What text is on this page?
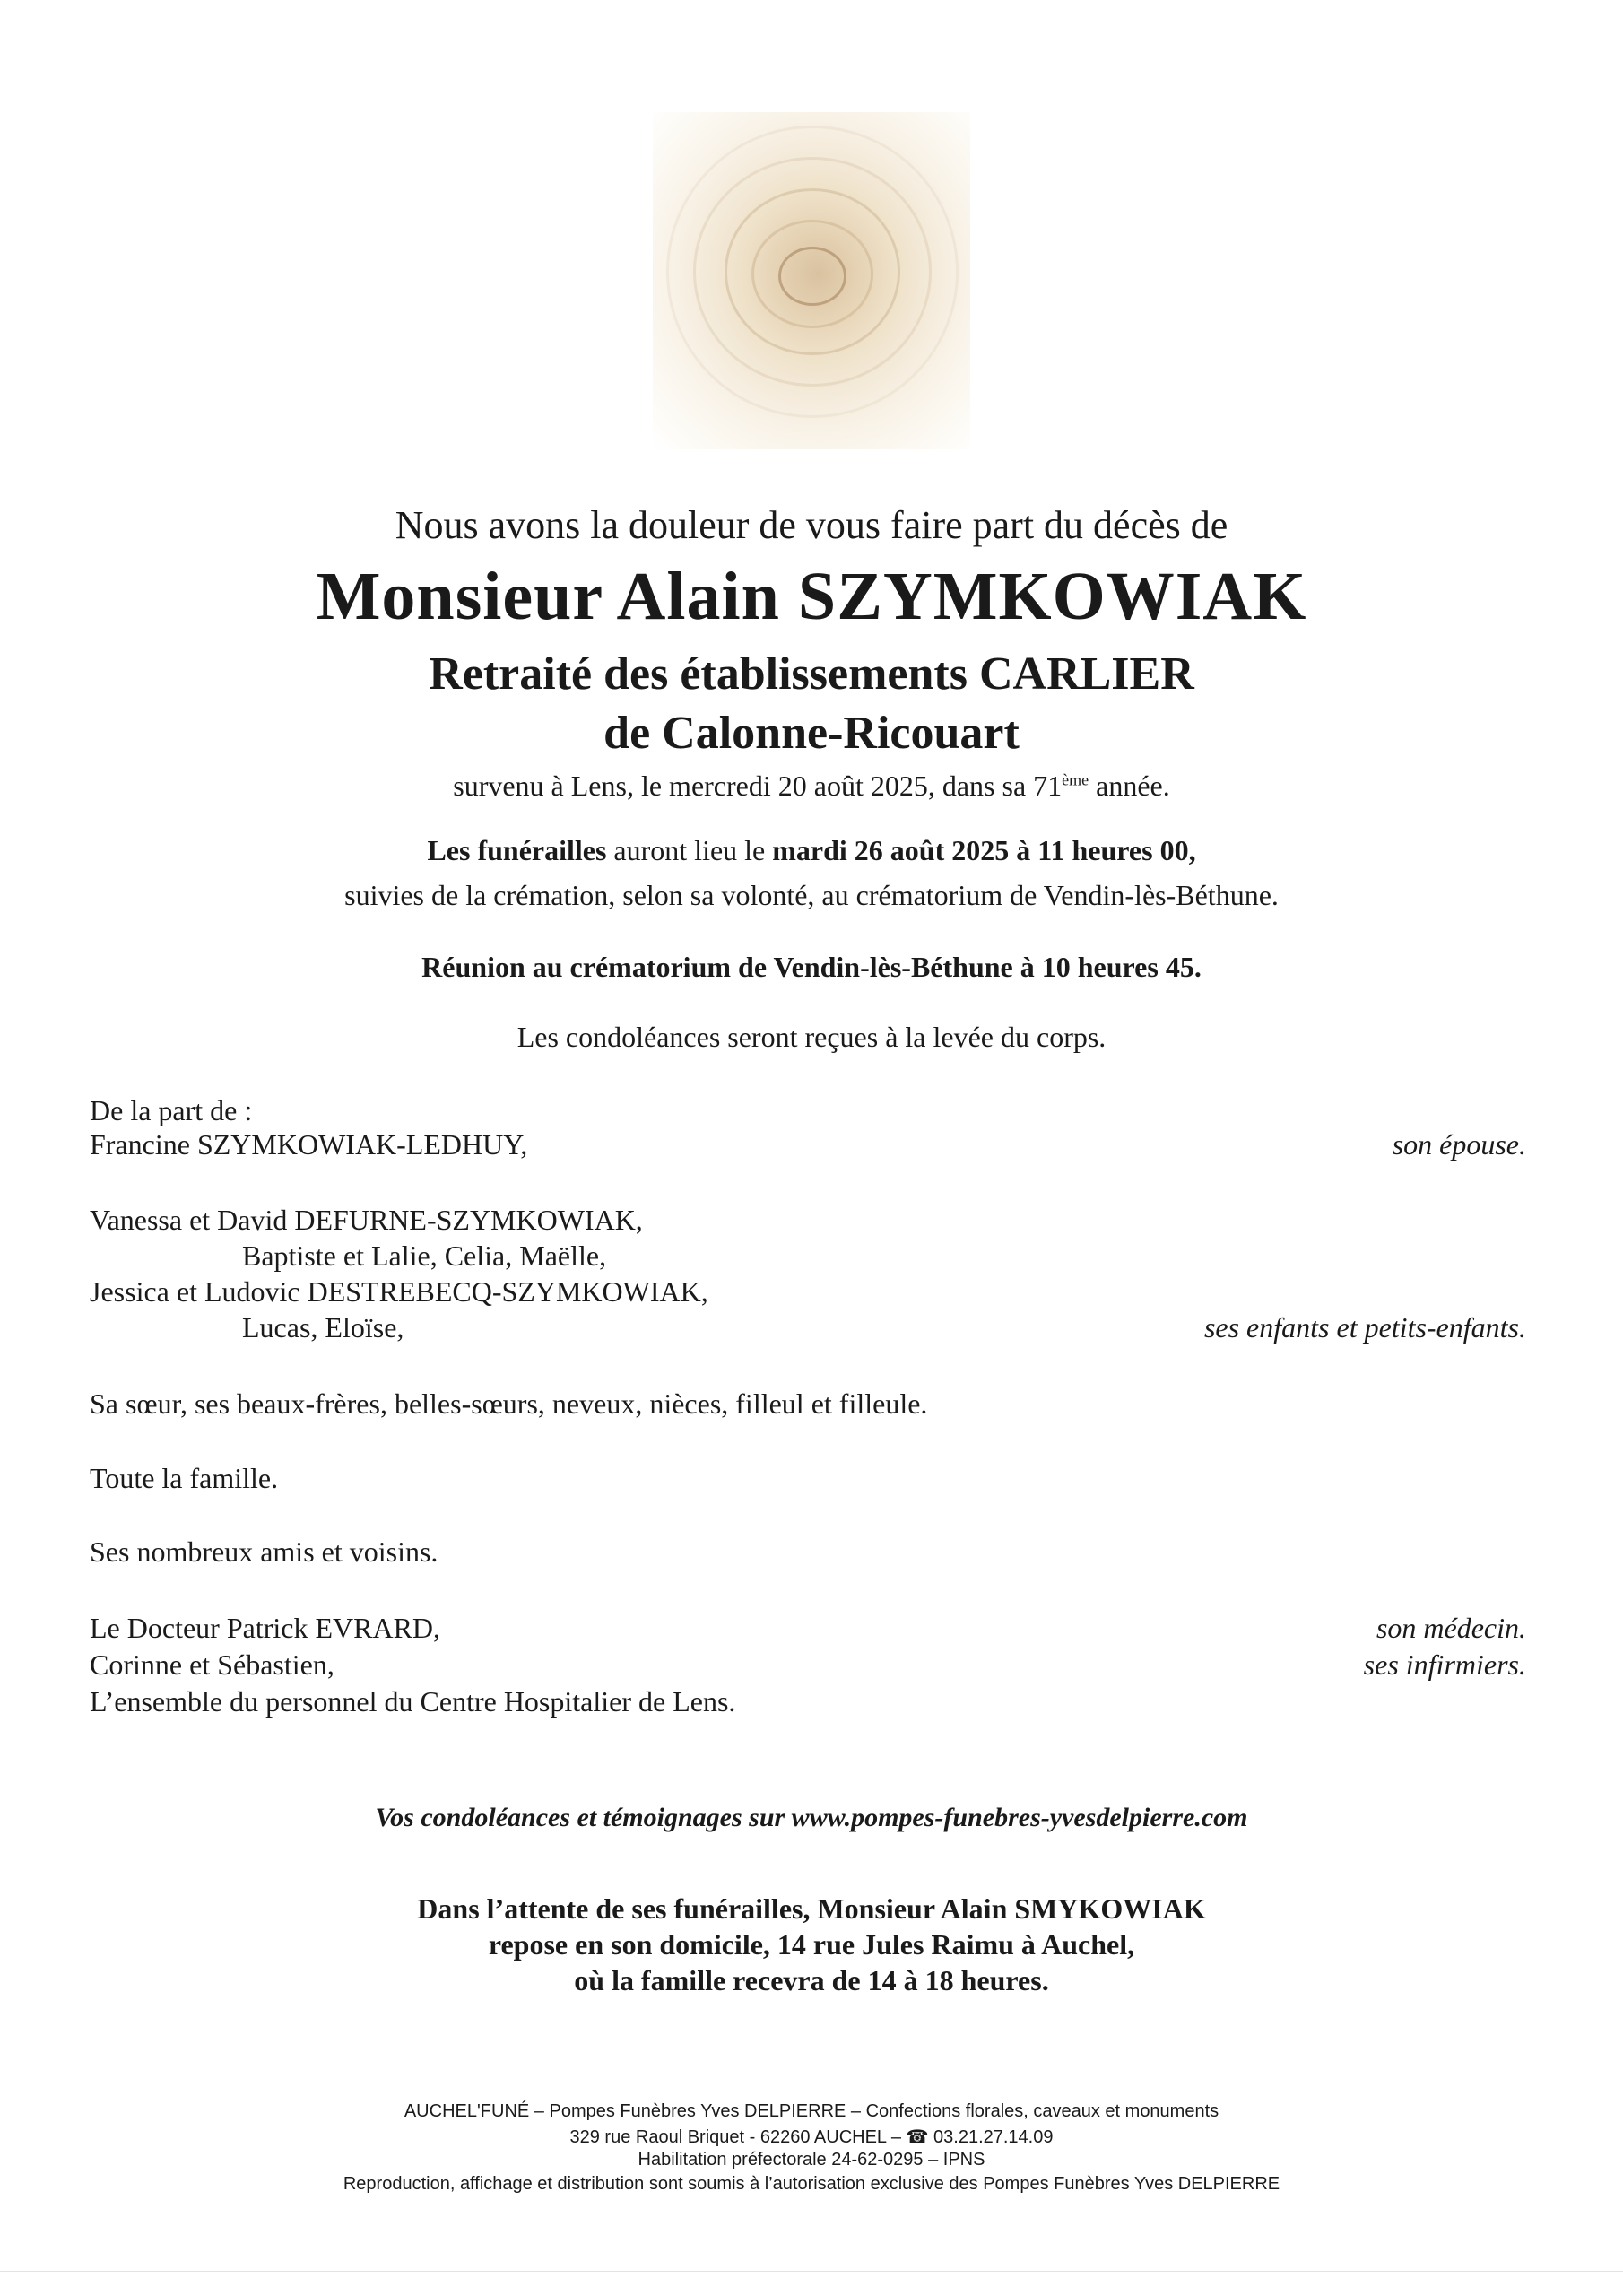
Nous avons la douleur de vous faire part du décès de
Monsieur Alain SZYMKOWIAK
Retraité des établissements CARLIER
de Calonne-Ricouart
survenu à Lens, le mercredi 20 août 2025, dans sa 71ème année.
Les funérailles auront lieu le mardi 26 août 2025 à 11 heures 00,
suivies de la crémation, selon sa volonté, au crématorium de Vendin-lès-Béthune.
Réunion au crématorium de Vendin-lès-Béthune à 10 heures 45.
Les condoléances seront reçues à la levée du corps.
De la part de :
Francine SZYMKOWIAK-LEDHUY,	son épouse.
Vanessa et David DEFURNE-SZYMKOWIAK,
Baptiste et Lalie, Celia, Maëlle,
Jessica et Ludovic DESTREBECQ-SZYMKOWIAK,
Lucas, Eloïse,	ses enfants et petits-enfants.
Sa sœur, ses beaux-frères, belles-sœurs, neveux, nièces, filleul et filleule.
Toute la famille.
Ses nombreux amis et voisins.
Le Docteur Patrick EVRARD,	son médecin.
Corinne et Sébastien,	ses infirmiers.
L’ensemble du personnel du Centre Hospitalier de Lens.
Vos condoléances et témoignages sur www.pompes-funebres-yvesdelpierre.com
Dans l’attente de ses funérailles, Monsieur Alain SMYKOWIAK
repose en son domicile, 14 rue Jules Raimu à Auchel,
où la famille recevra de 14 à 18 heures.
AUCHEL'FUNÉ – Pompes Funèbres Yves DELPIERRE – Confections florales, caveaux et monuments
329 rue Raoul Briquet - 62260 AUCHEL – ☎ 03.21.27.14.09
Habilitation préfectorale 24-62-0295 – IPNS
Reproduction, affichage et distribution sont soumis à l’autorisation exclusive des Pompes Funèbres Yves DELPIERRE
